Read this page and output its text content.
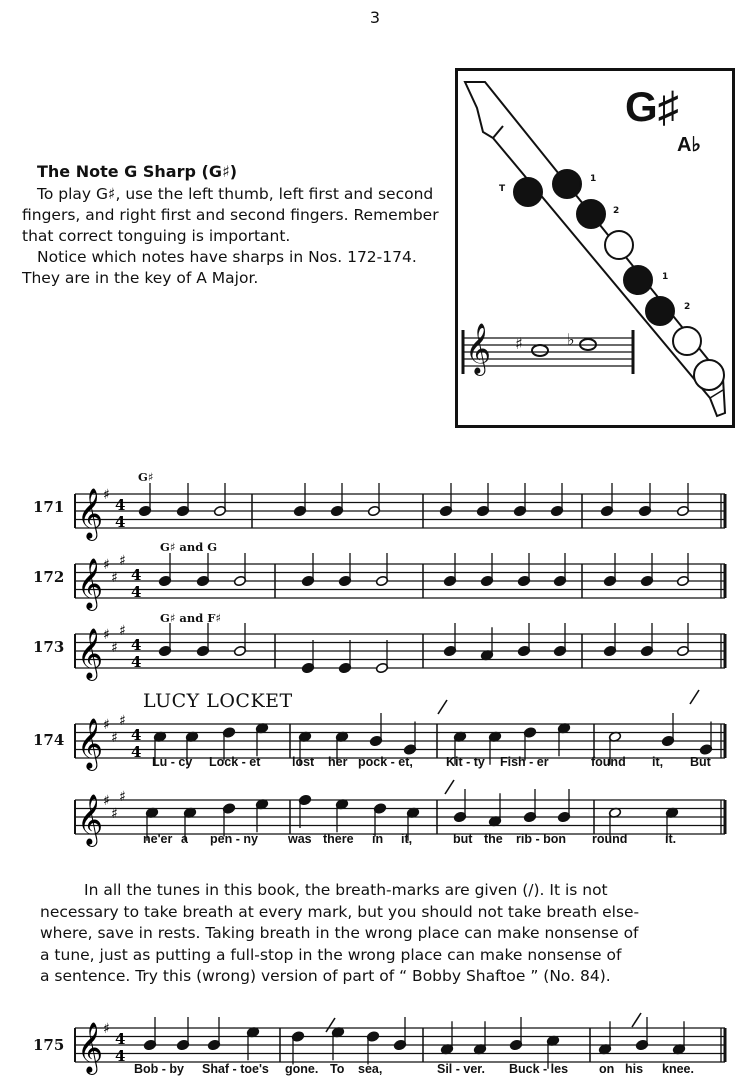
3
The Note G Sharp (G♯)
To play G♯, use the left thumb, left first and second
fingers, and right first and second fingers. Remember
that correct tonguing is important.
Notice which notes have sharps in Nos. 172-174.
They are in the key of A Major.
G♯
A♭
T
1
2
1
2
𝄞 ♯	♭
𝄞 ♯
4
4
𝄞 ♯
♯
♯
4
4
𝄞 ♯
♯
♯
4
4
𝄞 ♯
♯
♯
4
4
𝄞 ♯
♯
♯
𝄞 ♯
4
4
171
172
173
174
175
G♯
G♯ and G
G♯ and F♯
LUCY LOCKET
Lu - cy Lock - et	lost her pock - et,	Kit - ty Fish - er	found it, But
ne'er a pen - ny was there in it,	but the rib - bon round	it.

In all the tunes in this book, the breath-marks are given (/). It is not

necessary to take breath at every mark, but you should not take breath else-

where, save in rests. Taking breath in the wrong place can make nonsense of

a tune, just as putting a full-stop in the wrong place can make nonsense of

a sentence. Try this (wrong) version of part of “ Bobby Shaftoe ” (No. 84).

Bob - by Shaf - toe's gone. To sea,	Sil - ver. Buck - les on his knee.
